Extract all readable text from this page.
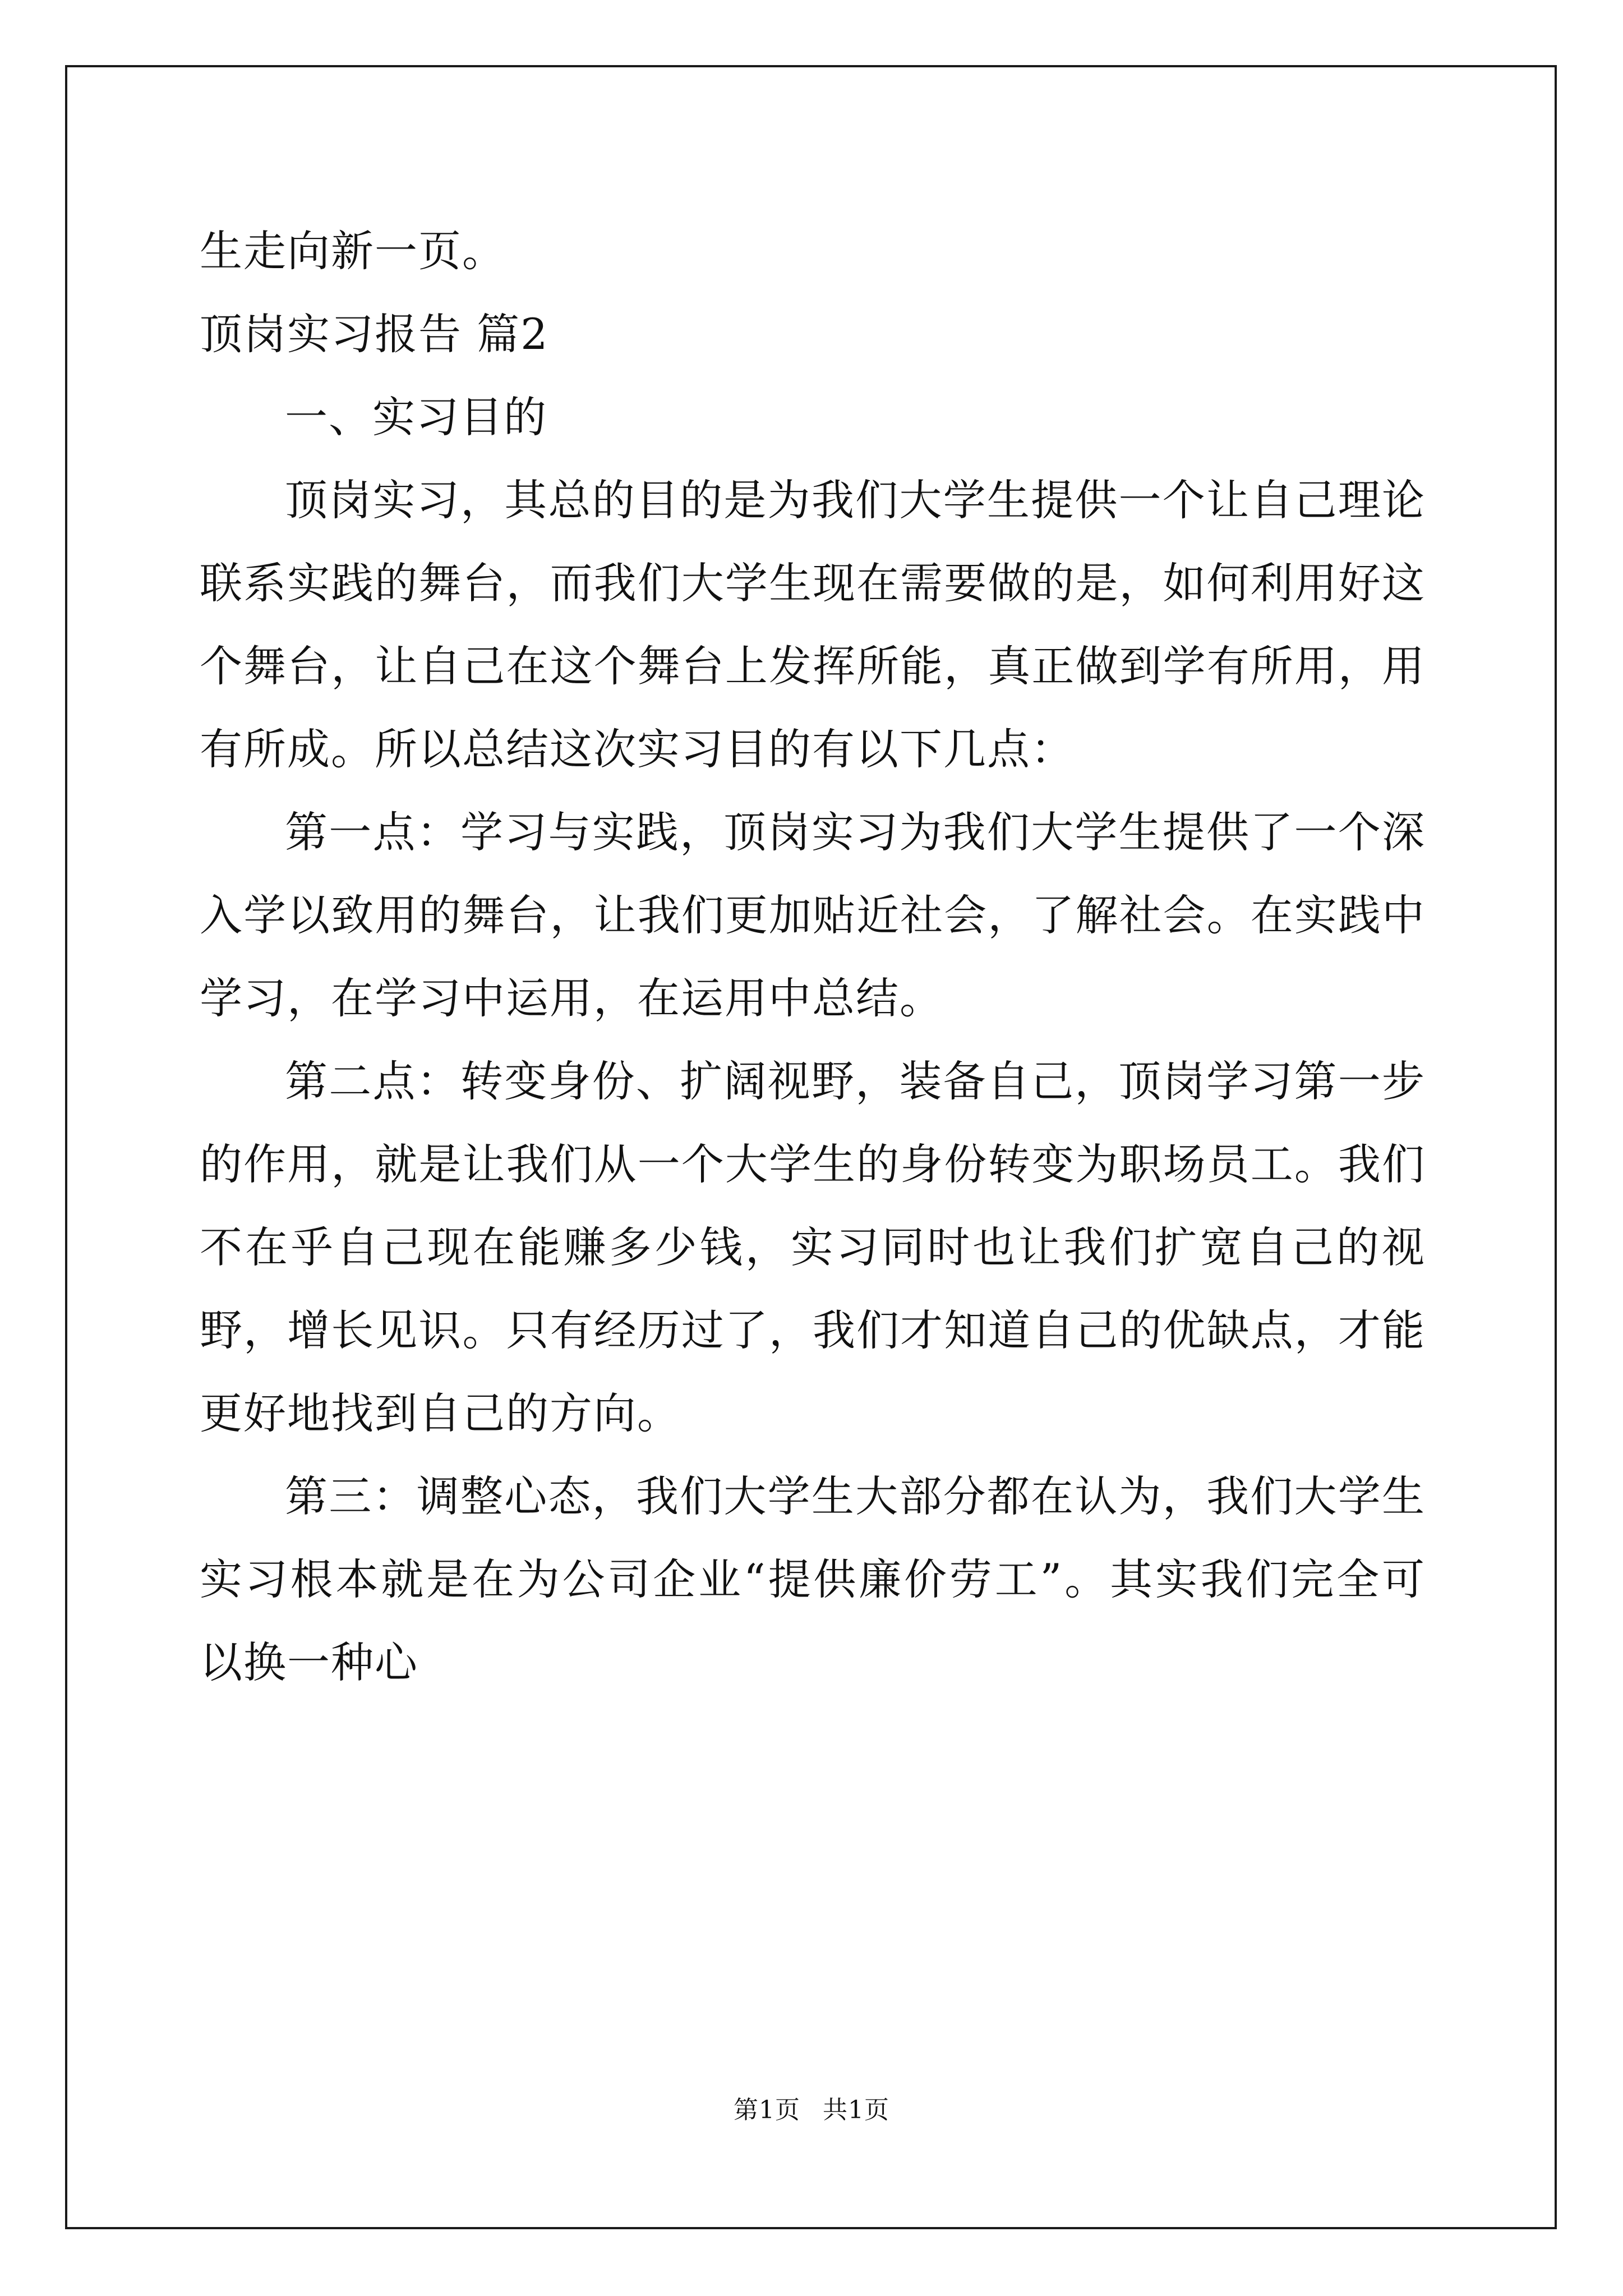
生走向新一页。

顶岗实习报告 篇2

一、实习目的

顶岗实习，其总的目的是为我们大学生提供一个让自己理论联系实践的舞台，而我们大学生现在需要做的是，如何利用好这个舞台，让自己在这个舞台上发挥所能，真正做到学有所用，用有所成。所以总结这次实习目的有以下几点：

第一点：学习与实践，顶岗实习为我们大学生提供了一个深入学以致用的舞台，让我们更加贴近社会，了解社会。在实践中学习，在学习中运用，在运用中总结。

第二点：转变身份、扩阔视野，装备自己，顶岗学习第一步的作用，就是让我们从一个大学生的身份转变为职场员工。我们不在乎自己现在能赚多少钱，实习同时也让我们扩宽自己的视野，增长见识。只有经历过了，我们才知道自己的优缺点，才能更好地找到自己的方向。

第三：调整心态，我们大学生大部分都在认为，我们大学生实习根本就是在为公司企业“提供廉价劳工”。其实我们完全可以换一种心

第1页 共1页
